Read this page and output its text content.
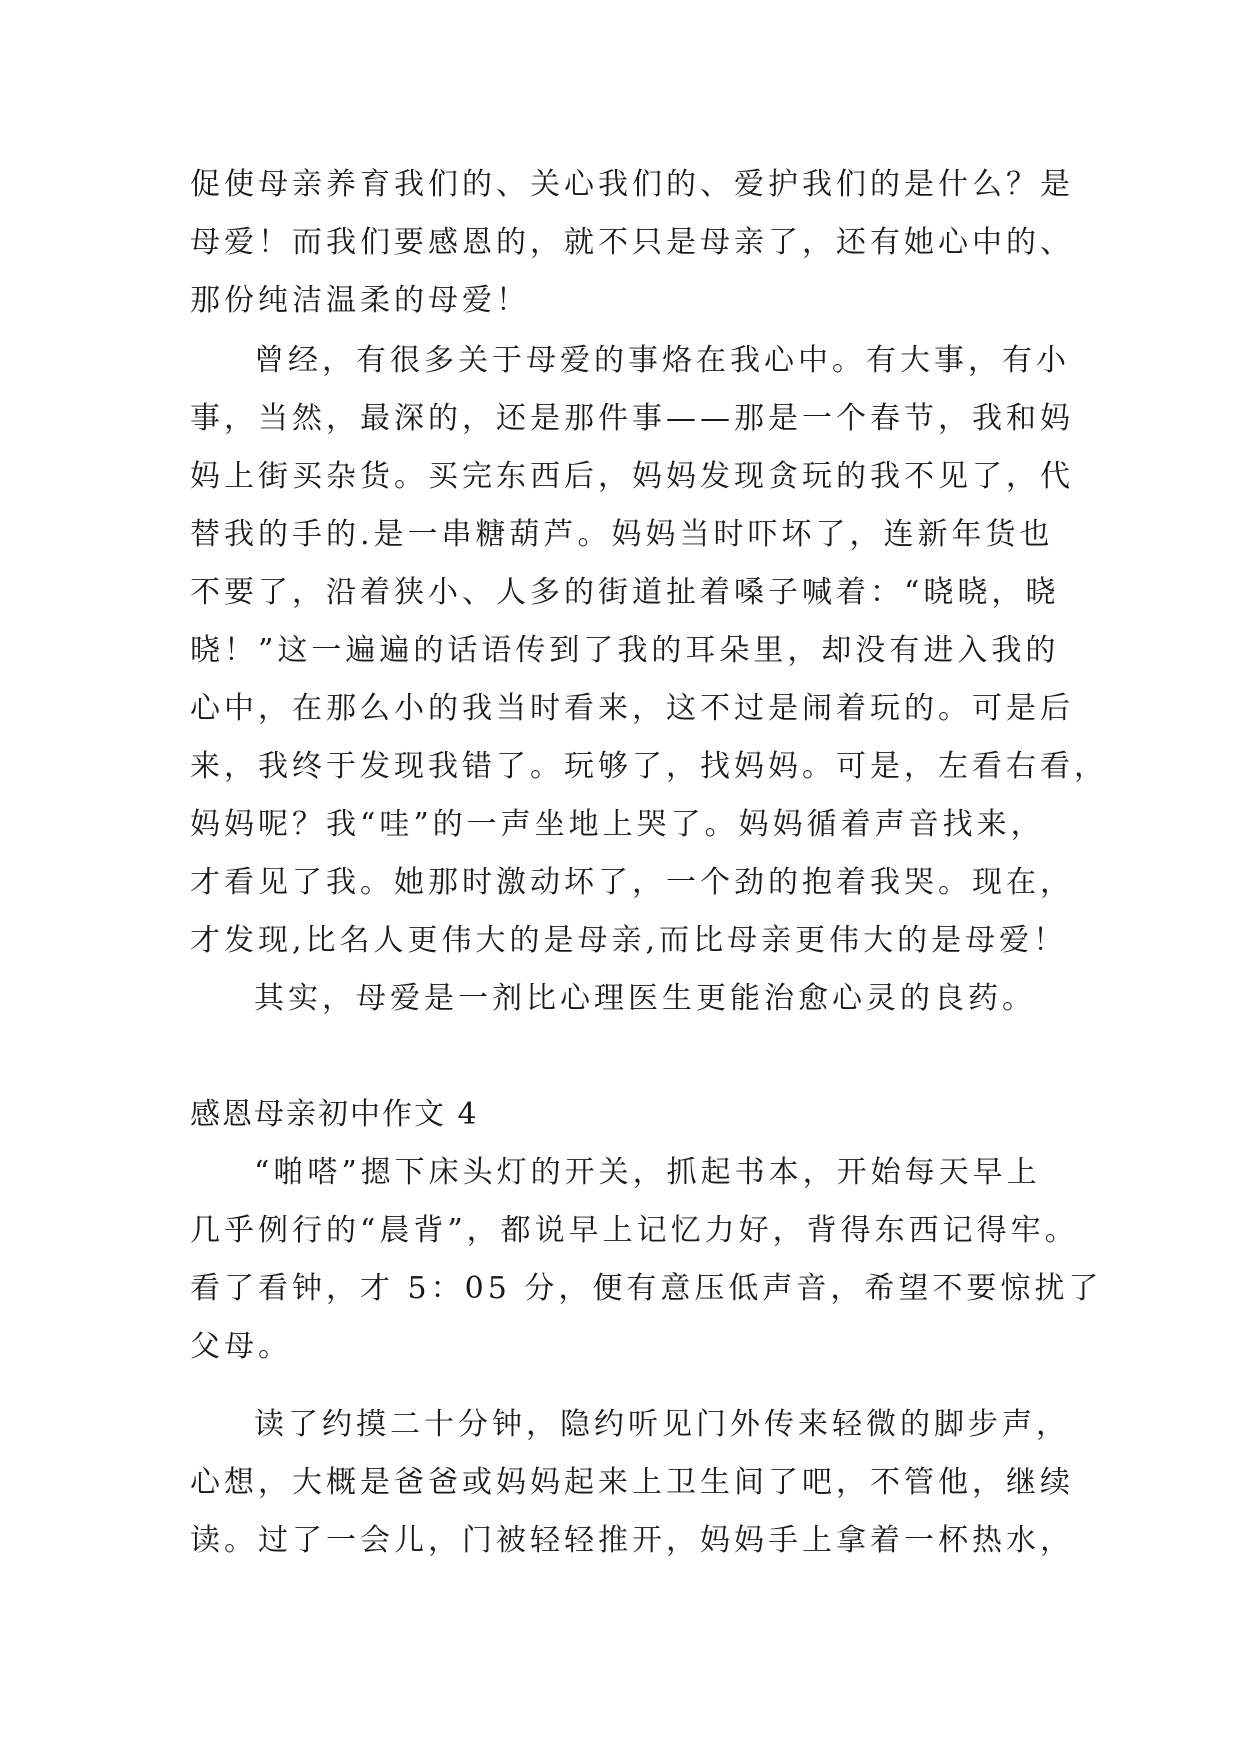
促使母亲养育我们的、关心我们的、爱护我们的是什么？是
母爱！而我们要感恩的，就不只是母亲了，还有她心中的、
那份纯洁温柔的母爱！
曾经，有很多关于母爱的事烙在我心中。有大事，有小
事，当然，最深的，还是那件事——那是一个春节，我和妈
妈上街买杂货。买完东西后，妈妈发现贪玩的我不见了，代
替我的手的.是一串糖葫芦。妈妈当时吓坏了，连新年货也
不要了，沿着狭小、人多的街道扯着嗓子喊着：“晓晓，晓
晓！”这一遍遍的话语传到了我的耳朵里，却没有进入我的
心中，在那么小的我当时看来，这不过是闹着玩的。可是后
来，我终于发现我错了。玩够了，找妈妈。可是，左看右看，
妈妈呢？我“哇”的一声坐地上哭了。妈妈循着声音找来，
才看见了我。她那时激动坏了，一个劲的抱着我哭。现在，
才发现,比名人更伟大的是母亲,而比母亲更伟大的是母爱！
其实，母爱是一剂比心理医生更能治愈心灵的良药。
感恩母亲初中作文 4
“啪嗒”摁下床头灯的开关，抓起书本，开始每天早上
几乎例行的“晨背”，都说早上记忆力好，背得东西记得牢。
看了看钟，才 5：05 分，便有意压低声音，希望不要惊扰了
父母。
读了约摸二十分钟，隐约听见门外传来轻微的脚步声，
心想，大概是爸爸或妈妈起来上卫生间了吧，不管他，继续
读。过了一会儿，门被轻轻推开，妈妈手上拿着一杯热水，
